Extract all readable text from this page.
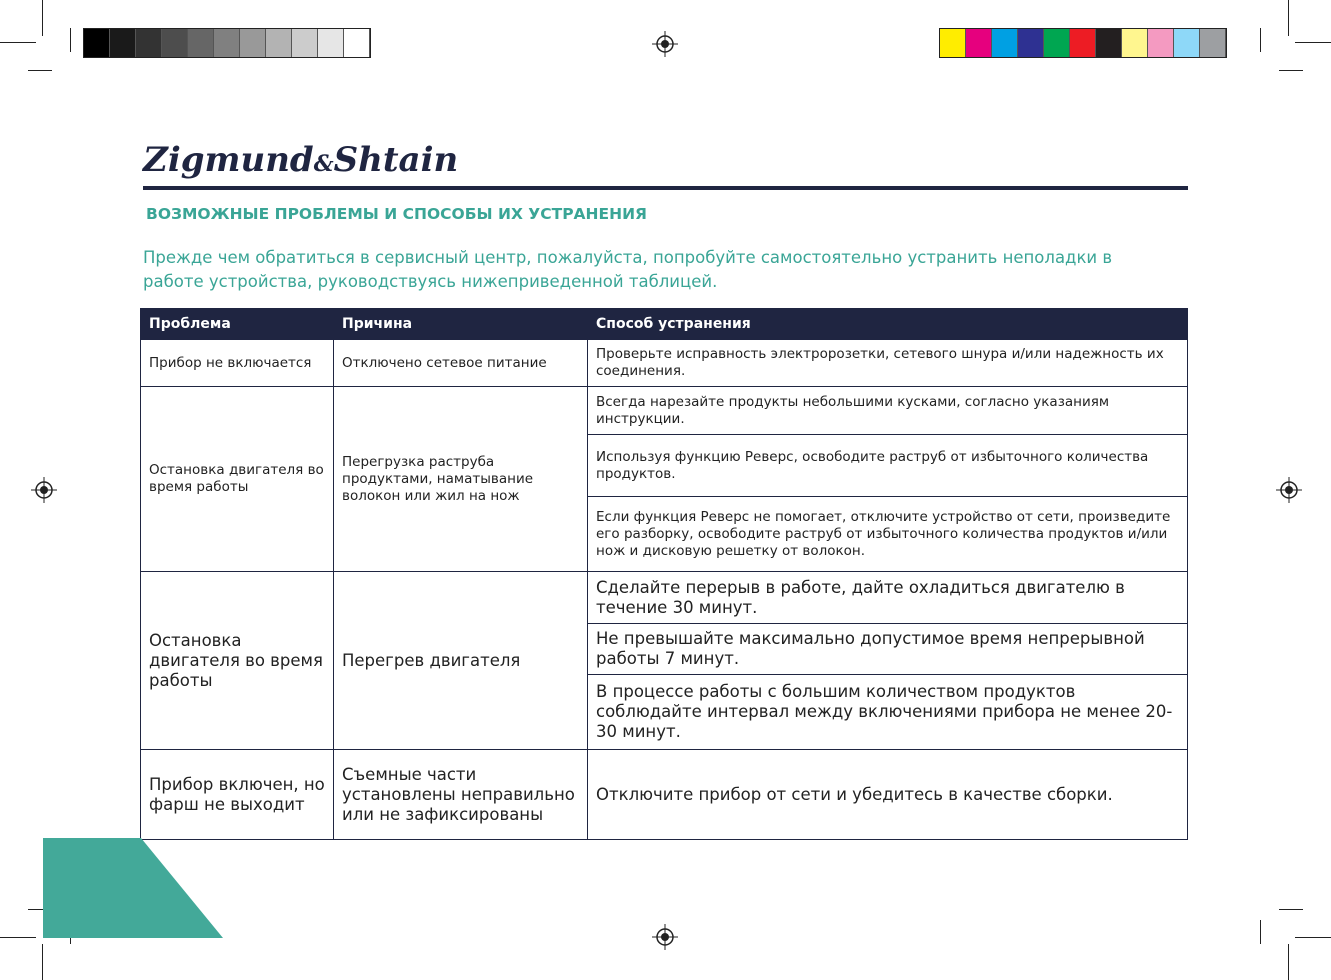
Zigmund&Shtain
ВОЗМОЖНЫЕ ПРОБЛЕМЫ И СПОСОБЫ ИХ УСТРАНЕНИЯ
Прежде чем обратиться в сервисный центр, пожалуйста, попробуйте самостоятельно устранить неполадки в работе устройства, руководствуясь нижеприведенной таблицей.
Проблема	Причина	Способ устранения
Прибор не включается	Отключено сетевое питание	Проверьте исправность электророзетки, сетевого шнура и/или надежность их соединения.
Остановка двигателя во время работы	Перегрузка раструба продуктами, наматывание волокон или жил на нож	Всегда нарезайте продукты небольшими кусками, согласно указаниям инструкции.
		Используя функцию Реверс, освободите раструб от избыточного количества продуктов.
		Если функция Реверс не помогает, отключите устройство от сети, произведите его разборку, освободите раструб от избыточного количества продуктов и/или нож и дисковую решетку от волокон.
Остановка двигателя во время работы	Перегрев двигателя	Сделайте перерыв в работе, дайте охладиться двигателю в течение 30 минут.
		Не превышайте максимально допустимое время непрерывной работы 7 минут.
		В процессе работы с большим количеством продуктов соблюдайте интервал между включениями прибора не менее 20-30 минут.
Прибор включен, но фарш не выходит	Съемные части установлены неправильно или не зафиксированы	Отключите прибор от сети и убедитесь в качестве сборки.
